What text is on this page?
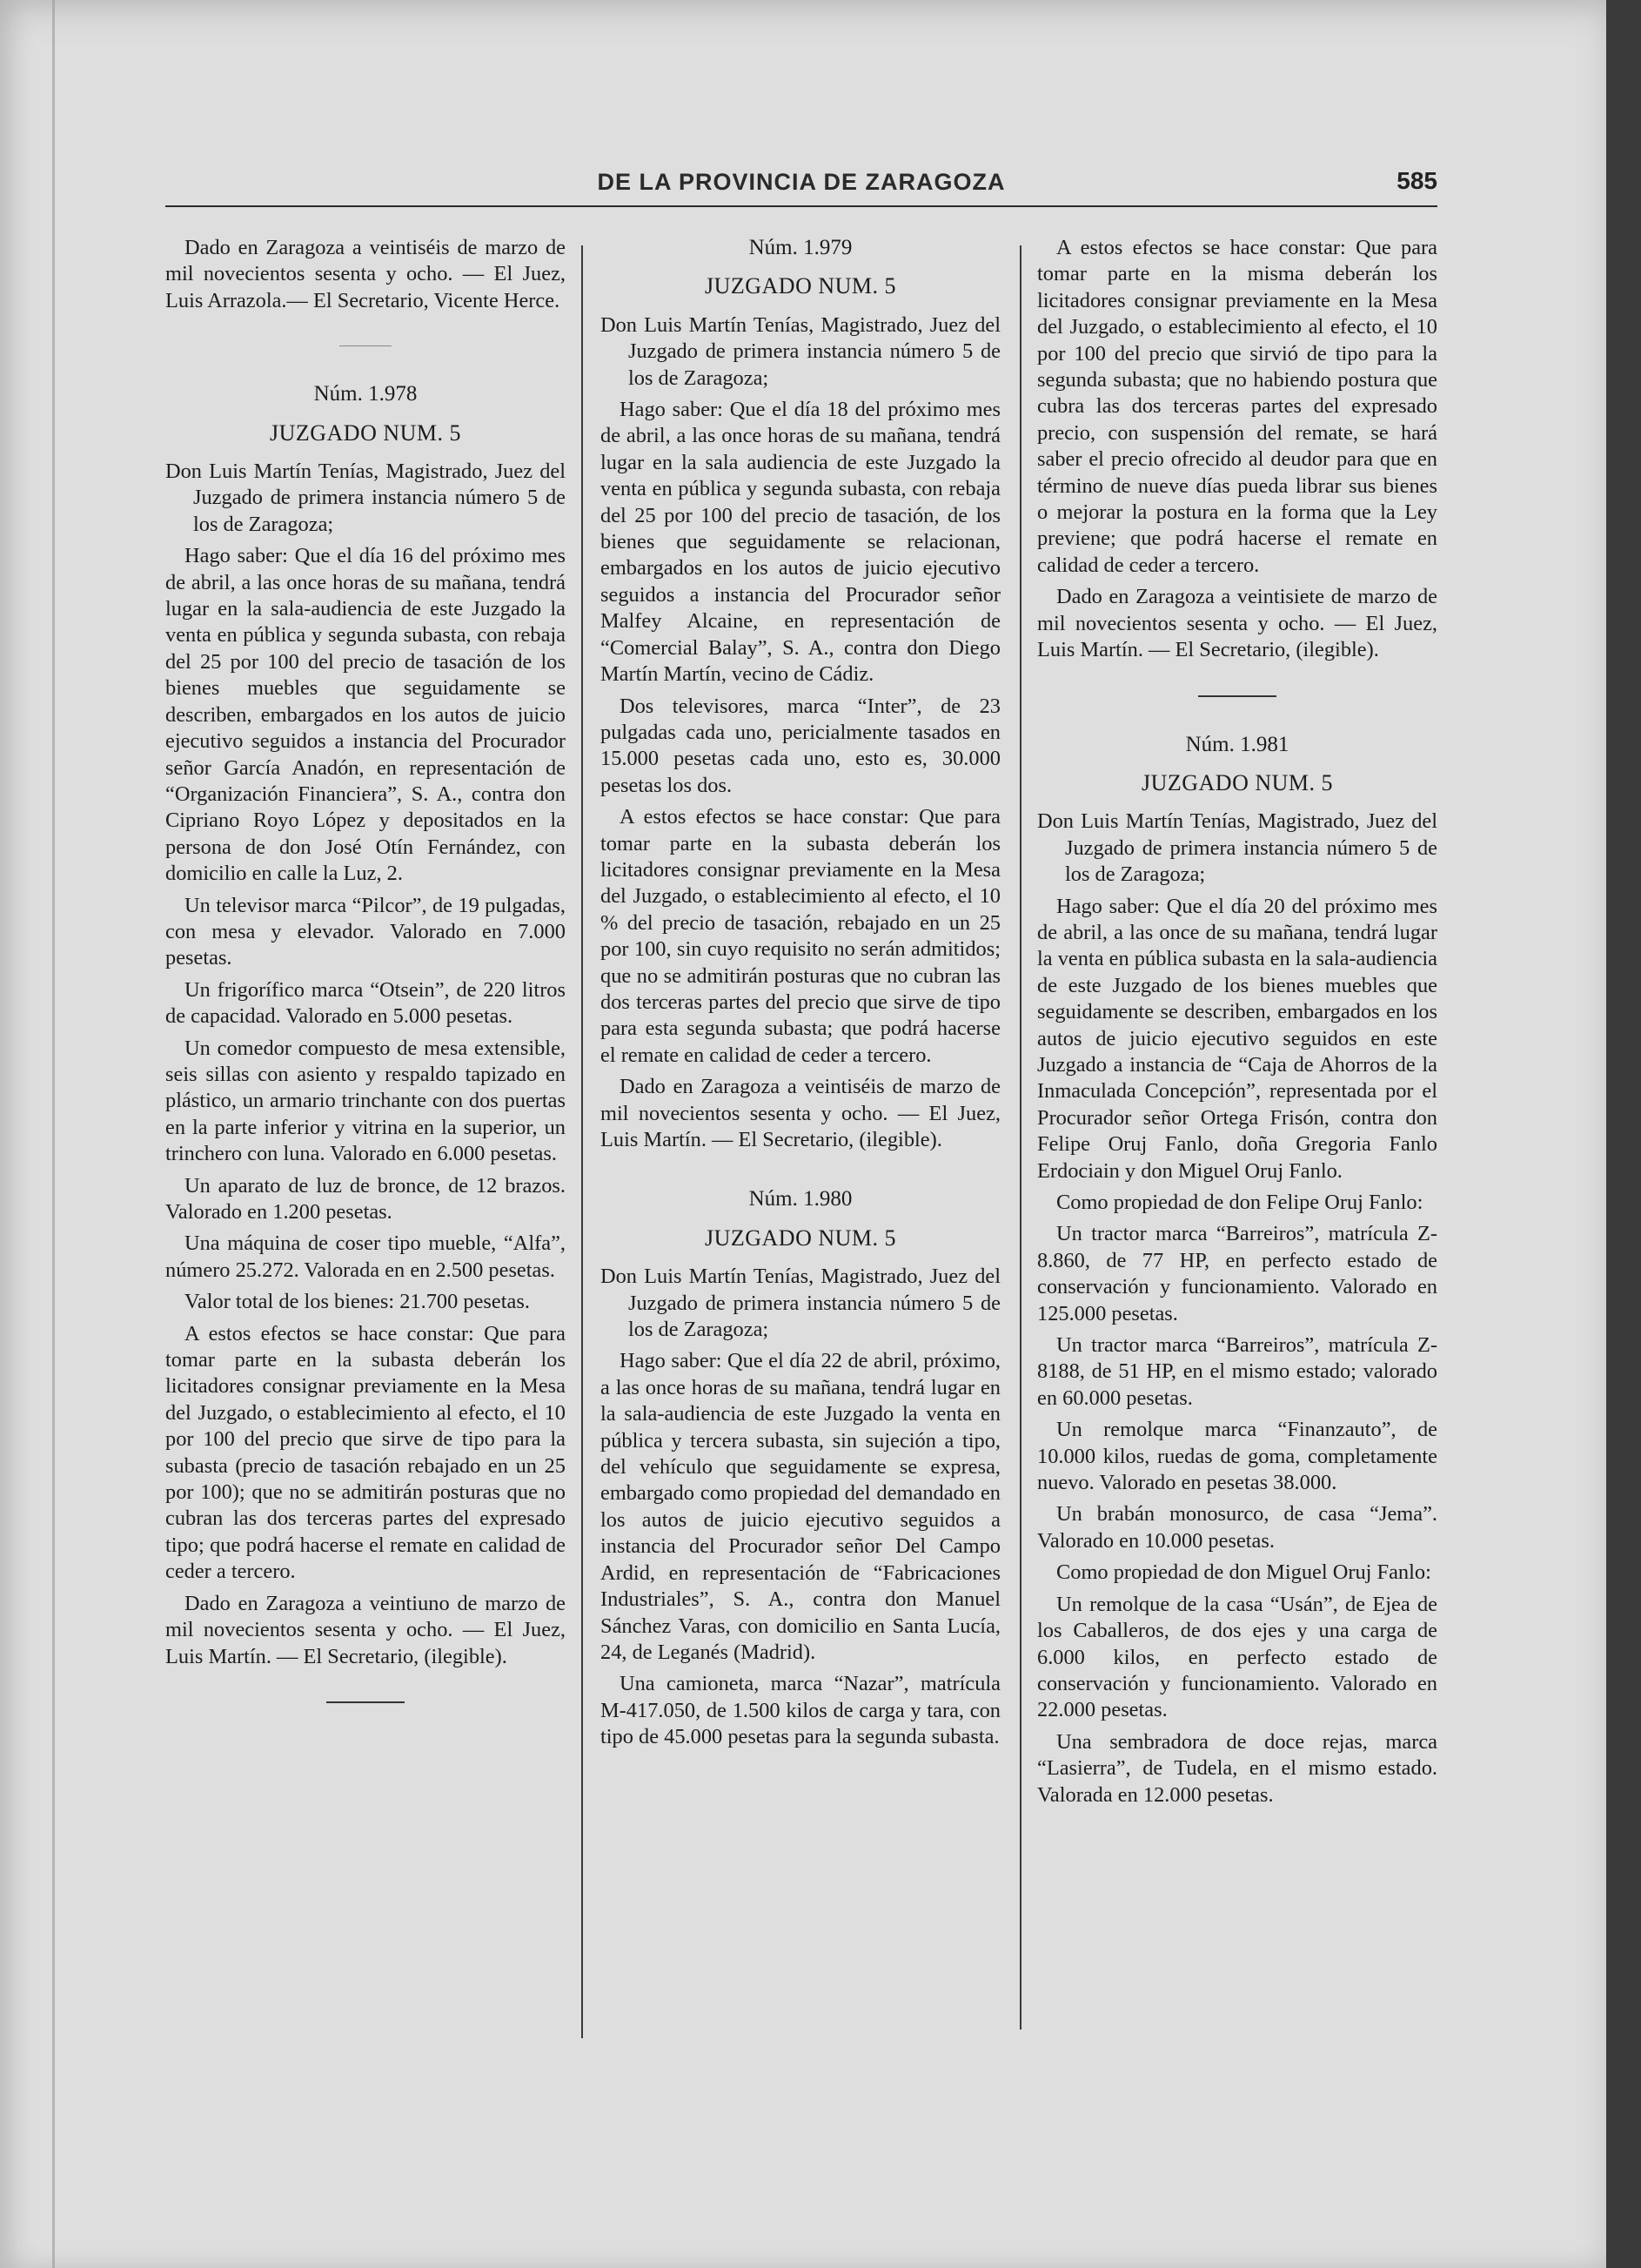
DE LA PROVINCIA DE ZARAGOZA	585

Dado en Zaragoza a veintiséis de marzo de mil novecientos sesenta y ocho. — El Juez, Luis Arrazola.— El Secretario, Vicente Herce.

Núm. 1.978
JUZGADO NUM. 5

Don Luis Martín Tenías, Magistrado, Juez del Juzgado de primera instancia número 5 de los de Zaragoza;

Hago saber: Que el día 16 del próximo mes de abril, a las once horas de su mañana, tendrá lugar en la sala-audiencia de este Juzgado la venta en pública y segunda subasta, con rebaja del 25 por 100 del precio de tasación de los bienes muebles que seguidamente se describen, embargados en los autos de juicio ejecutivo seguidos a instancia del Procurador señor García Anadón, en representación de “Organización Financiera”, S. A., contra don Cipriano Royo López y depositados en la persona de don José Otín Fernández, con domicilio en calle la Luz, 2.

Un televisor marca “Pilcor”, de 19 pulgadas, con mesa y elevador. Valorado en 7.000 pesetas.

Un frigorífico marca “Otsein”, de 220 litros de capacidad. Valorado en 5.000 pesetas.

Un comedor compuesto de mesa extensible, seis sillas con asiento y respaldo tapizado en plástico, un armario trinchante con dos puertas en la parte inferior y vitrina en la superior, un trinchero con luna. Valorado en 6.000 pesetas.

Un aparato de luz de bronce, de 12 brazos. Valorado en 1.200 pesetas.

Una máquina de coser tipo mueble, “Alfa”, número 25.272. Valorada en en 2.500 pesetas.

Valor total de los bienes: 21.700 pesetas.

A estos efectos se hace constar: Que para tomar parte en la subasta deberán los licitadores consignar previamente en la Mesa del Juzgado, o establecimiento al efecto, el 10 por 100 del precio que sirve de tipo para la subasta (precio de tasación rebajado en un 25 por 100); que no se admitirán posturas que no cubran las dos terceras partes del expresado tipo; que podrá hacerse el remate en calidad de ceder a tercero.

Dado en Zaragoza a veintiuno de marzo de mil novecientos sesenta y ocho. — El Juez, Luis Martín. — El Secretario, (ilegible).

Núm. 1.979
JUZGADO NUM. 5

Don Luis Martín Tenías, Magistrado, Juez del Juzgado de primera instancia número 5 de los de Zaragoza;

Hago saber: Que el día 18 del próximo mes de abril, a las once horas de su mañana, tendrá lugar en la sala audiencia de este Juzgado la venta en pública y segunda subasta, con rebaja del 25 por 100 del precio de tasación, de los bienes que seguidamente se relacionan, embargados en los autos de juicio ejecutivo seguidos a instancia del Procurador señor Malfey Alcaine, en representación de “Comercial Balay”, S. A., contra don Diego Martín Martín, vecino de Cádiz.

Dos televisores, marca “Inter”, de 23 pulgadas cada uno, pericialmente tasados en 15.000 pesetas cada uno, esto es, 30.000 pesetas los dos.

A estos efectos se hace constar: Que para tomar parte en la subasta deberán los licitadores consignar previamente en la Mesa del Juzgado, o establecimiento al efecto, el 10 % del precio de tasación, rebajado en un 25 por 100, sin cuyo requisito no serán admitidos; que no se admitirán posturas que no cubran las dos terceras partes del precio que sirve de tipo para esta segunda subasta; que podrá hacerse el remate en calidad de ceder a tercero.

Dado en Zaragoza a veintiséis de marzo de mil novecientos sesenta y ocho. — El Juez, Luis Martín. — El Secretario, (ilegible).

Núm. 1.980
JUZGADO NUM. 5

Don Luis Martín Tenías, Magistrado, Juez del Juzgado de primera instancia número 5 de los de Zaragoza;

Hago saber: Que el día 22 de abril, próximo, a las once horas de su mañana, tendrá lugar en la sala-audiencia de este Juzgado la venta en pública y tercera subasta, sin sujeción a tipo, del vehículo que seguidamente se expresa, embargado como propiedad del demandado en los autos de juicio ejecutivo seguidos a instancia del Procurador señor Del Campo Ardid, en representación de “Fabricaciones Industriales”, S. A., contra don Manuel Sánchez Varas, con domicilio en Santa Lucía, 24, de Leganés (Madrid).

Una camioneta, marca “Nazar”, matrícula M-417.050, de 1.500 kilos de carga y tara, con tipo de 45.000 pesetas para la segunda subasta.

A estos efectos se hace constar: Que para tomar parte en la misma deberán los licitadores consignar previamente en la Mesa del Juzgado, o establecimiento al efecto, el 10 por 100 del precio que sirvió de tipo para la segunda subasta; que no habiendo postura que cubra las dos terceras partes del expresado precio, con suspensión del remate, se hará saber el precio ofrecido al deudor para que en término de nueve días pueda librar sus bienes o mejorar la postura en la forma que la Ley previene; que podrá hacerse el remate en calidad de ceder a tercero.

Dado en Zaragoza a veintisiete de marzo de mil novecientos sesenta y ocho. — El Juez, Luis Martín. — El Secretario, (ilegible).

Núm. 1.981
JUZGADO NUM. 5

Don Luis Martín Tenías, Magistrado, Juez del Juzgado de primera instancia número 5 de los de Zaragoza;

Hago saber: Que el día 20 del próximo mes de abril, a las once de su mañana, tendrá lugar la venta en pública subasta en la sala-audiencia de este Juzgado de los bienes muebles que seguidamente se describen, embargados en los autos de juicio ejecutivo seguidos en este Juzgado a instancia de “Caja de Ahorros de la Inmaculada Concepción”, representada por el Procurador señor Ortega Frisón, contra don Felipe Oruj Fanlo, doña Gregoria Fanlo Erdociain y don Miguel Oruj Fanlo.

Como propiedad de don Felipe Oruj Fanlo:

Un tractor marca “Barreiros”, matrícula Z-8.860, de 77 HP, en perfecto estado de conservación y funcionamiento. Valorado en 125.000 pesetas.

Un tractor marca “Barreiros”, matrícula Z-8188, de 51 HP, en el mismo estado; valorado en 60.000 pesetas.

Un remolque marca “Finanzauto”, de 10.000 kilos, ruedas de goma, completamente nuevo. Valorado en pesetas 38.000.

Un brabán monosurco, de casa “Jema”. Valorado en 10.000 pesetas.

Como propiedad de don Miguel Oruj Fanlo:

Un remolque de la casa “Usán”, de Ejea de los Caballeros, de dos ejes y una carga de 6.000 kilos, en perfecto estado de conservación y funcionamiento. Valorado en 22.000 pesetas.

Una sembradora de doce rejas, marca “Lasierra”, de Tudela, en el mismo estado. Valorada en 12.000 pesetas.
